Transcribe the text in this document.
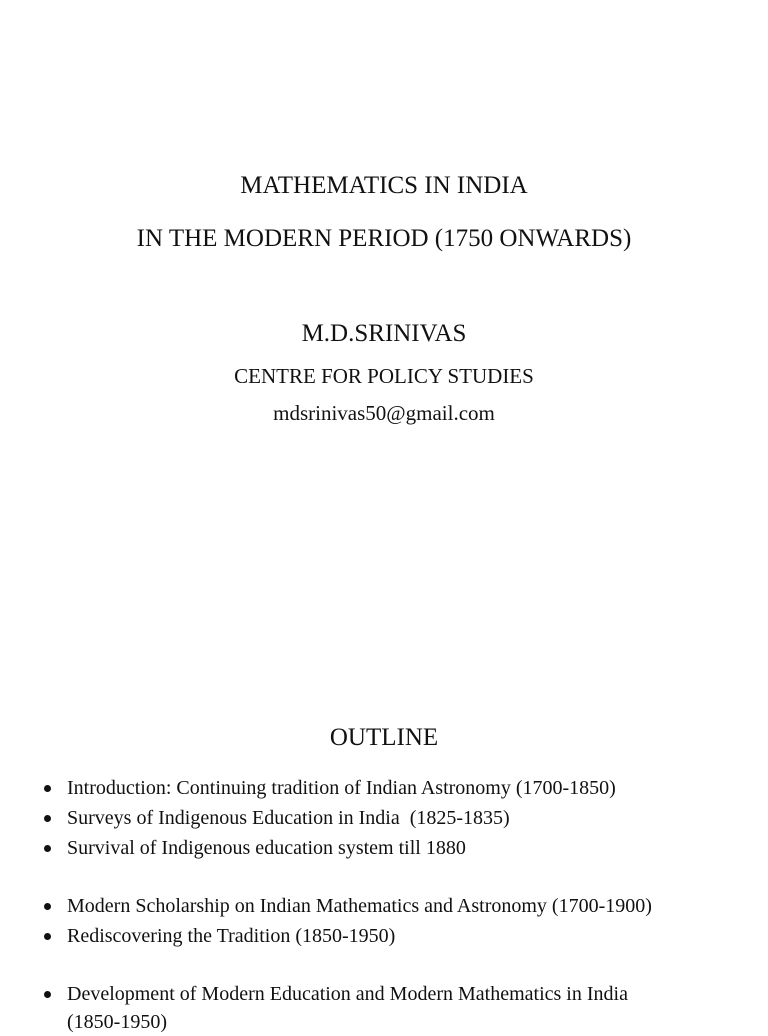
MATHEMATICS IN INDIA
IN THE MODERN PERIOD (1750 ONWARDS)
M.D.SRINIVAS
CENTRE FOR POLICY STUDIES
mdsrinivas50@gmail.com
OUTLINE
Introduction: Continuing tradition of Indian Astronomy (1700-1850)
Surveys of Indigenous Education in India  (1825-1835)
Survival of Indigenous education system till 1880
Modern Scholarship on Indian Mathematics and Astronomy (1700-1900)
Rediscovering the Tradition (1850-1950)
Development of Modern Education and Modern Mathematics in India
(1850-1950)
